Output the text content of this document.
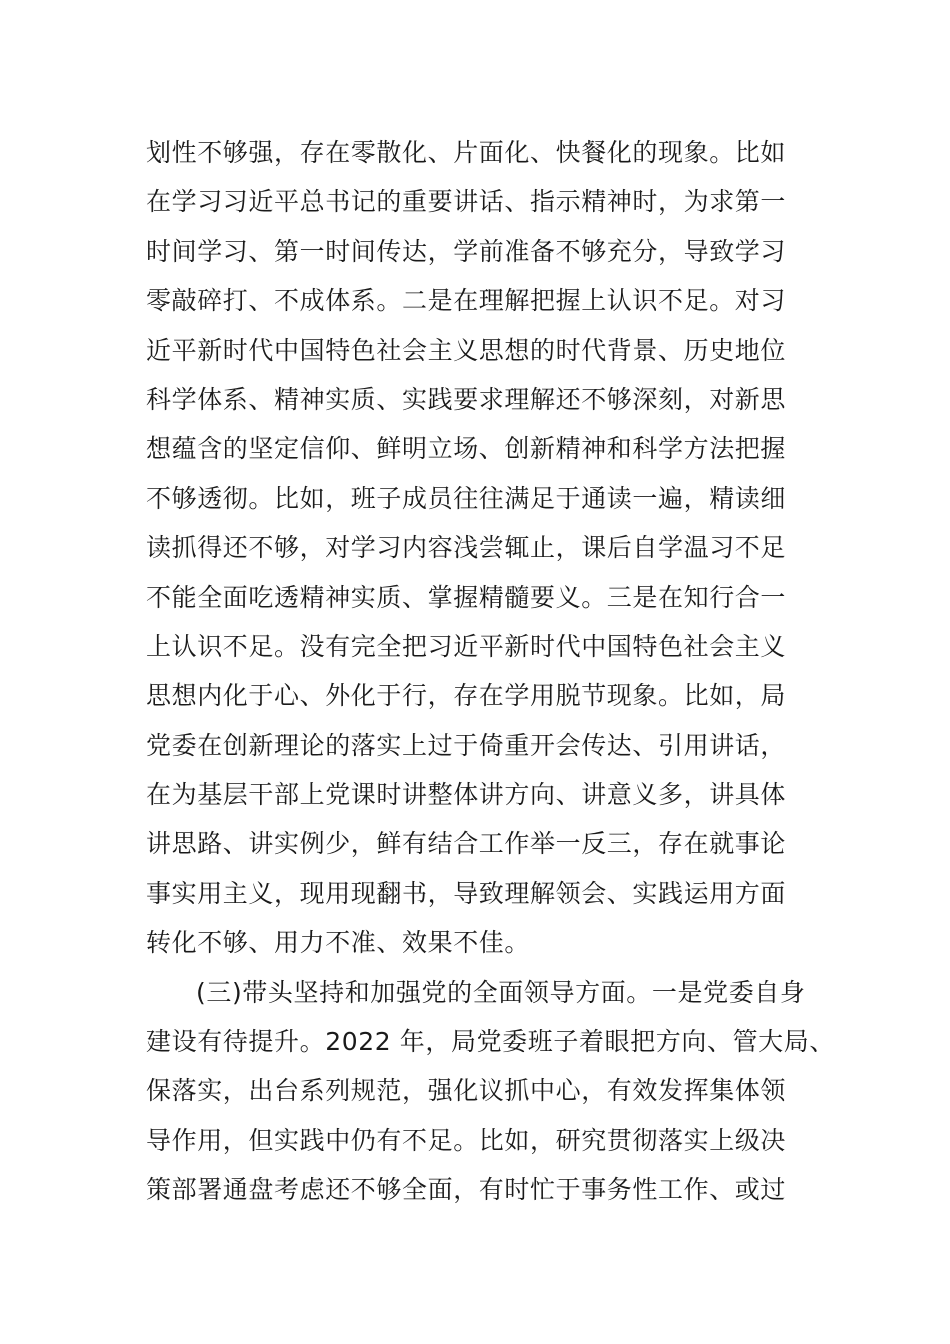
划性不够强，存在零散化、片面化、快餐化的现象。比如
在学习习近平总书记的重要讲话、指示精神时，为求第一
时间学习、第一时间传达，学前准备不够充分，导致学习
零敲碎打、不成体系。二是在理解把握上认识不足。对习
近平新时代中国特色社会主义思想的时代背景、历史地位
科学体系、精神实质、实践要求理解还不够深刻，对新思
想蕴含的坚定信仰、鲜明立场、创新精神和科学方法把握
不够透彻。比如，班子成员往往满足于通读一遍，精读细
读抓得还不够，对学习内容浅尝辄止，课后自学温习不足
不能全面吃透精神实质、掌握精髓要义。三是在知行合一
上认识不足。没有完全把习近平新时代中国特色社会主义
思想内化于心、外化于行，存在学用脱节现象。比如，局
党委在创新理论的落实上过于倚重开会传达、引用讲话，
在为基层干部上党课时讲整体讲方向、讲意义多，讲具体
讲思路、讲实例少，鲜有结合工作举一反三，存在就事论
事实用主义，现用现翻书，导致理解领会、实践运用方面
转化不够、用力不准、效果不佳。
(三)带头坚持和加强党的全面领导方面。一是党委自身
建设有待提升。2022 年，局党委班子着眼把方向、管大局、
保落实，出台系列规范，强化议抓中心，有效发挥集体领
导作用，但实践中仍有不足。比如，研究贯彻落实上级决
策部署通盘考虑还不够全面，有时忙于事务性工作、或过
